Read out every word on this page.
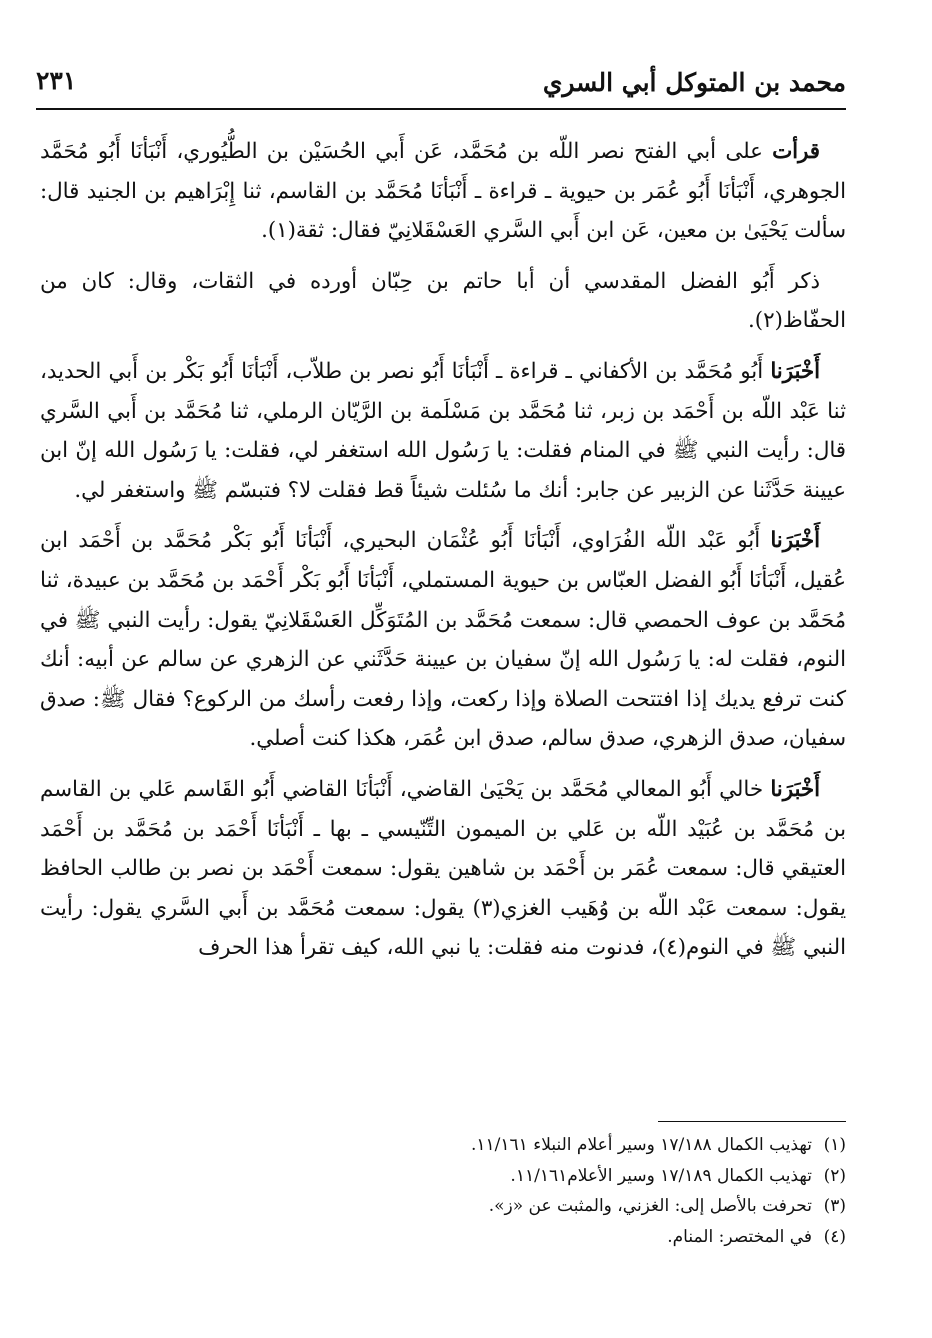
محمد بن المتوكل أبي السري
٢٣١

قرأت على أبي الفتح نصر اللّه بن مُحَمَّد، عَن أَبي الحُسَيْن بن الطُّيُوري، أَنْبَأنَا أَبُو مُحَمَّد الجوهري، أَنْبَأنَا أَبُو عُمَر بن حيوية ـ قراءة ـ أَنْبَأنَا مُحَمَّد بن القاسم، ثنا إِبْرَاهيم بن الجنيد قال: سألت يَحْيَىٰ بن معين، عَن ابن أَبي السَّري العَسْقَلانِيّ فقال: ثقة(١).

ذكر أَبُو الفضل المقدسي أن أبا حاتم بن حِبّان أورده في الثقات، وقال: كان من الحفّاظ(٢).

أَخْبَرَنا أَبُو مُحَمَّد بن الأكفاني ـ قراءة ـ أَنْبَأنَا أَبُو نصر بن طلاّب، أَنْبَأنَا أَبُو بَكْر بن أَبي الحديد، ثنا عَبْد اللّه بن أَحْمَد بن زبر، ثنا مُحَمَّد بن مَسْلَمة بن الرَّيّان الرملي، ثنا مُحَمَّد بن أَبي السَّري قال: رأيت النبي ﷺ في المنام فقلت: يا رَسُول الله استغفر لي، فقلت: يا رَسُول الله إنّ ابن عيينة حَدَّثَنا عن الزبير عن جابر: أنك ما سُئلت شيئاً قط فقلت لا؟ فتبسّم ﷺ واستغفر لي.

أَخْبَرَنا أَبُو عَبْد اللّه الفُرَاوي، أَنْبَأنَا أَبُو عُثْمَان البحيري، أَنْبَأنَا أَبُو بَكْر مُحَمَّد بن أَحْمَد ابن عُقيل، أَنْبَأنَا أَبُو الفضل العبّاس بن حيوية المستملي، أَنْبَأنَا أَبُو بَكْر أَحْمَد بن مُحَمَّد بن عبيدة، ثنا مُحَمَّد بن عوف الحمصي قال: سمعت مُحَمَّد بن المُتَوَكِّل العَسْقَلانِيّ يقول: رأيت النبي ﷺ في النوم، فقلت له: يا رَسُول الله إنّ سفيان بن عيينة حَدَّثَني عن الزهري عن سالم عن أبيه: أنك كنت ترفع يديك إذا افتتحت الصلاة وإذا ركعت، وإذا رفعت رأسك من الركوع؟ فقال ﷺ: صدق سفيان، صدق الزهري، صدق سالم، صدق ابن عُمَر، هكذا كنت أصلي.

أَخْبَرَنا خالي أَبُو المعالي مُحَمَّد بن يَحْيَىٰ القاضي، أَنْبَأنَا القاضي أَبُو القَاسم عَلي بن القاسم بن مُحَمَّد بن عُبَيْد اللّه بن عَلي بن الميمون التِّنّيسي ـ بها ـ أَنْبَأنَا أَحْمَد بن مُحَمَّد بن أَحْمَد العتيقي قال: سمعت عُمَر بن أَحْمَد بن شاهين يقول: سمعت أَحْمَد بن نصر بن طالب الحافظ يقول: سمعت عَبْد اللّه بن وُهَيب الغزي(٣) يقول: سمعت مُحَمَّد بن أَبي السَّري يقول: رأيت النبي ﷺ في النوم(٤)، فدنوت منه فقلت: يا نبي الله، كيف تقرأ هذا الحرف

(١)تهذيب الكمال ١٧/١٨٨ وسير أعلام النبلاء ١١/١٦١.

(٢)تهذيب الكمال ١٧/١٨٩ وسير الأعلام١١/١٦١.

(٣)تحرفت بالأصل إلى: الغزني، والمثبت عن «ز».

(٤)في المختصر: المنام.
